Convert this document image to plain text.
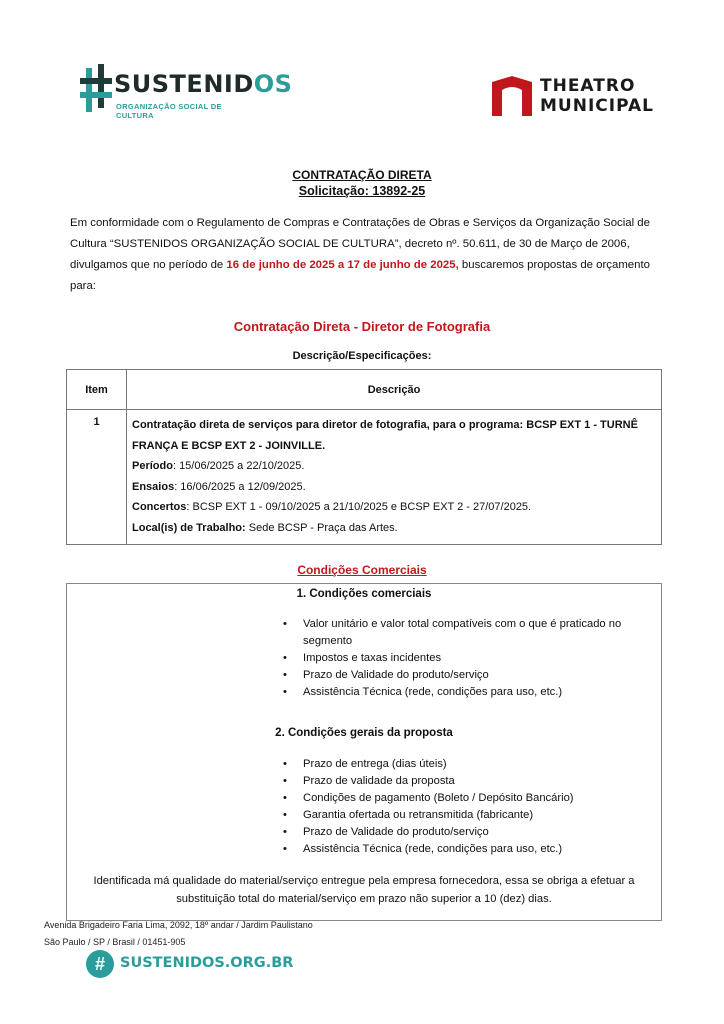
SUSTENIDOS
ORGANIZAÇÃO SOCIAL DE CULTURA
THEATRO
MUNICIPAL
CONTRATAÇÃO DIRETA
Solicitação: 13892-25
Em conformidade com o Regulamento de Compras e Contratações de Obras e Serviços da Organização Social de Cultura “SUSTENIDOS ORGANIZAÇÃO SOCIAL DE CULTURA”, decreto nº. 50.611, de 30 de Março de 2006, divulgamos que no período de 16 de junho de 2025 a 17 de junho de 2025, buscaremos propostas de orçamento para:
Contratação Direta - Diretor de Fotografia
Descrição/Especificações:
Item	Descrição
1	Contratação direta de serviços para diretor de fotografia, para o programa: BCSP EXT 1 - TURNÊ FRANÇA E BCSP EXT 2 - JOINVILLE.
Período: 15/06/2025 a 22/10/2025.
Ensaios: 16/06/2025 a 12/09/2025.
Concertos: BCSP EXT 1 - 09/10/2025 a 21/10/2025 e BCSP EXT 2 - 27/07/2025.
Local(is) de Trabalho: Sede BCSP - Praça das Artes.
Condições Comerciais
1. Condições comerciais
• Valor unitário e valor total compatíveis com o que é praticado no segmento
• Impostos e taxas incidentes
• Prazo de Validade do produto/serviço
• Assistência Técnica (rede, condições para uso, etc.)
2. Condições gerais da proposta
• Prazo de entrega (dias úteis)
• Prazo de validade da proposta
• Condições de pagamento (Boleto / Depósito Bancário)
• Garantia ofertada ou retransmitida (fabricante)
• Prazo de Validade do produto/serviço
• Assistência Técnica (rede, condições para uso, etc.)
Identificada má qualidade do material/serviço entregue pela empresa fornecedora, essa se obriga a efetuar a substituição total do material/serviço em prazo não superior a 10 (dez) dias.
Avenida Brigadeiro Faria Lima, 2092, 18º andar / Jardim Paulistano
São Paulo / SP / Brasil / 01451-905
#	SUSTENIDOS.ORG.BR
